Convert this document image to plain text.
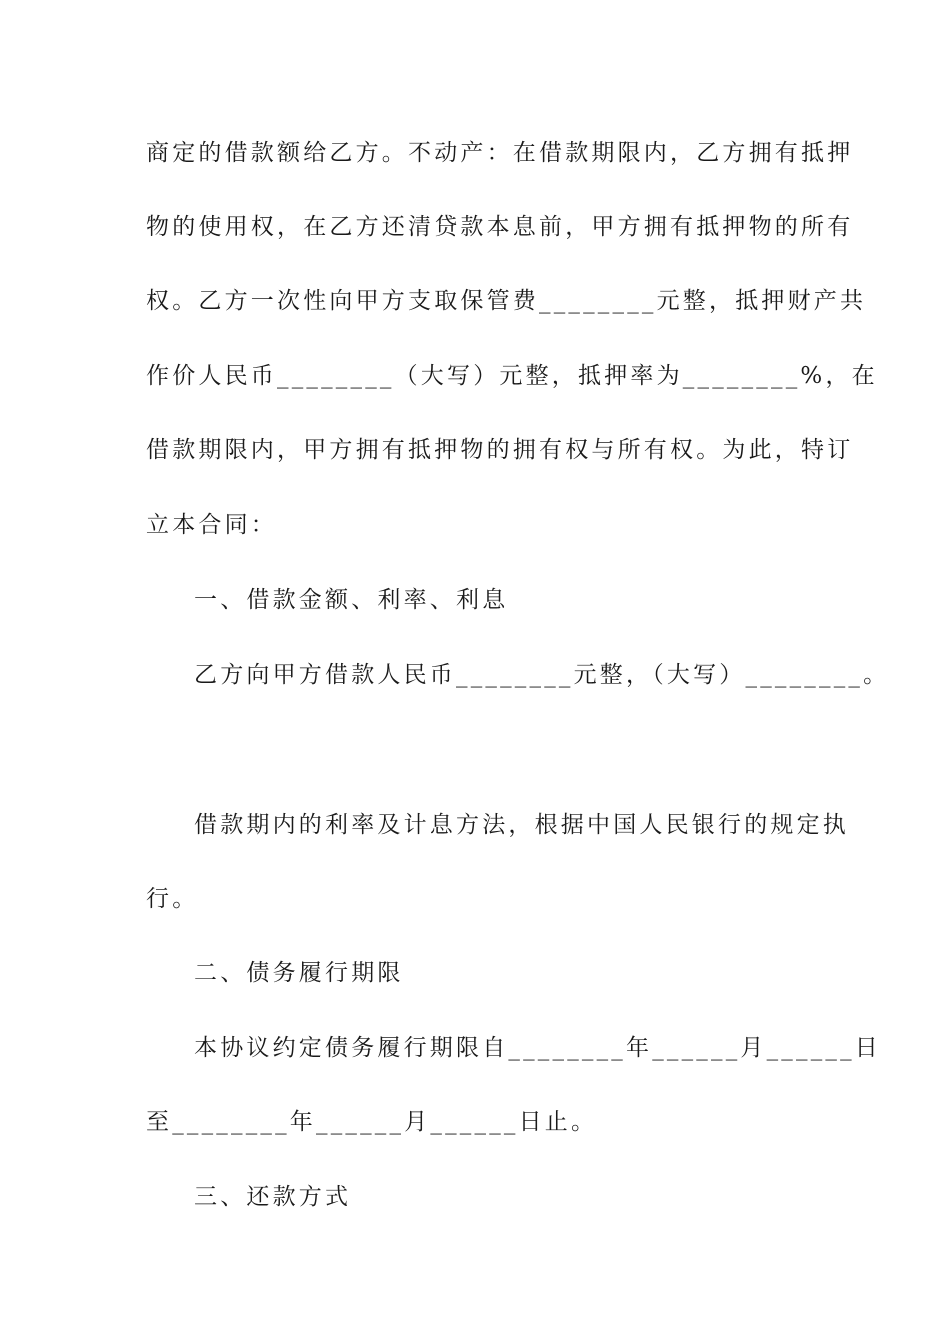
商定的借款额给乙方。不动产：在借款期限内，乙方拥有抵押
物的使用权，在乙方还清贷款本息前，甲方拥有抵押物的所有
权。乙方一次性向甲方支取保管费________元整，抵押财产共
作价人民币________（大写）元整，抵押率为________%，在
借款期限内，甲方拥有抵押物的拥有权与所有权。为此，特订
立本合同：
一、借款金额、利率、利息
乙方向甲方借款人民币________元整，（大写）________。
借款期内的利率及计息方法，根据中国人民银行的规定执
行。
二、债务履行期限
本协议约定债务履行期限自________年______月______日
至________年______月______日止。
三、还款方式
